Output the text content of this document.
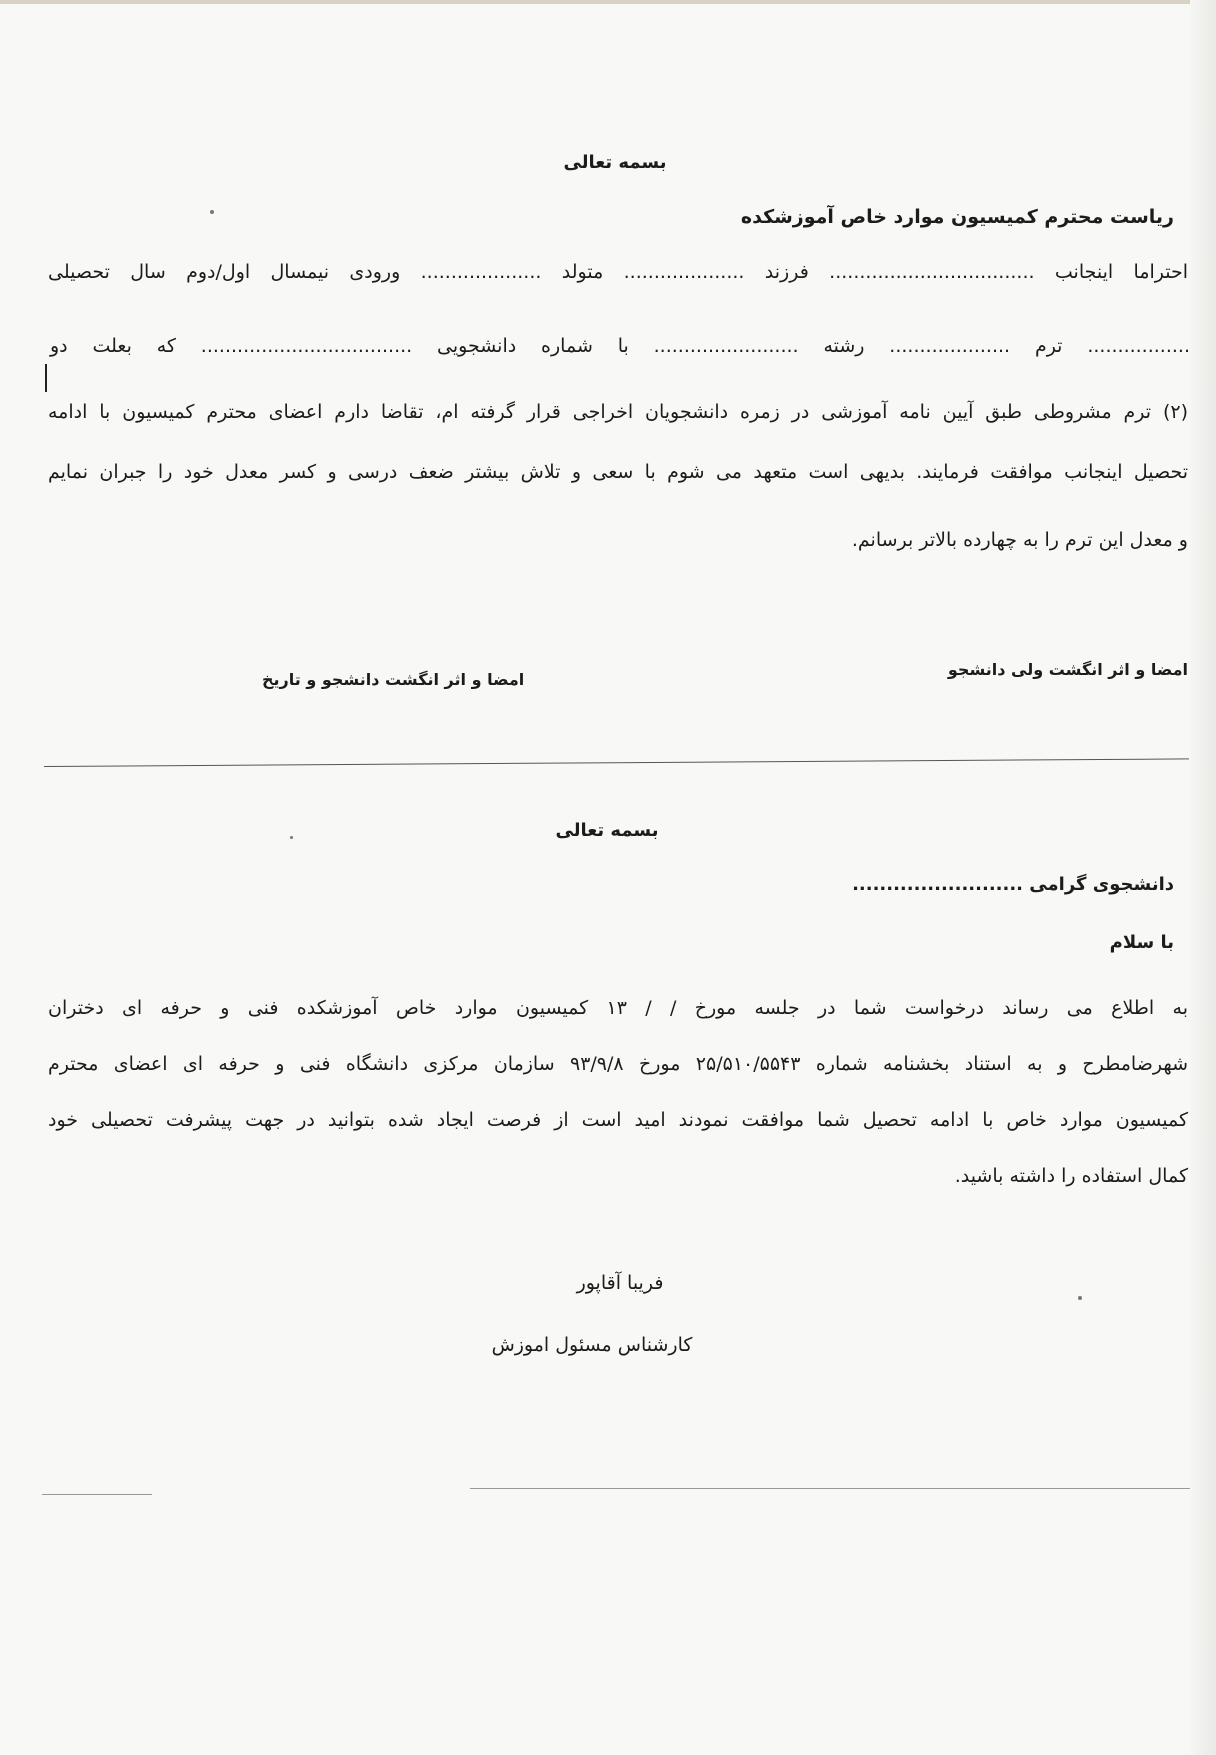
بسمه تعالی
ریاست محترم کمیسیون موارد خاص آموزشکده
احتراما اینجانب .................................. فرزند .................... متولد .................... ورودی نیمسال اول/دوم سال تحصیلی
................. ترم .................... رشته ........................ با شماره دانشجویی ................................... که بعلت دو
(۲) ترم مشروطی طبق آیین نامه آموزشی در زمره دانشجویان اخراجی قرار گرفته ام، تقاضا دارم اعضای محترم کمیسیون با ادامه
تحصیل اینجانب موافقت فرمایند. بدیهی است متعهد می شوم با سعی و تلاش بیشتر ضعف درسی و کسر معدل خود را جبران نمایم
و معدل این ترم را به چهارده بالاتر برسانم.
امضا و اثر انگشت ولی دانشجو
امضا و اثر انگشت دانشجو و تاریخ
بسمه تعالی
دانشجوی گرامی .........................
با سلام
به اطلاع می رساند درخواست شما در جلسه مورخ / / ۱۳ کمیسیون موارد خاص آموزشکده فنی و حرفه ای دختران
شهرضامطرح و به استناد بخشنامه شماره ۲۵/۵۱۰/۵۵۴۳ مورخ ۹۳/۹/۸ سازمان مرکزی دانشگاه فنی و حرفه ای اعضای محترم
کمیسیون موارد خاص با ادامه تحصیل شما موافقت نمودند امید است از فرصت ایجاد شده بتوانید در جهت پیشرفت تحصیلی خود
کمال استفاده را داشته باشید.
فریبا آقاپور
کارشناس مسئول اموزش
